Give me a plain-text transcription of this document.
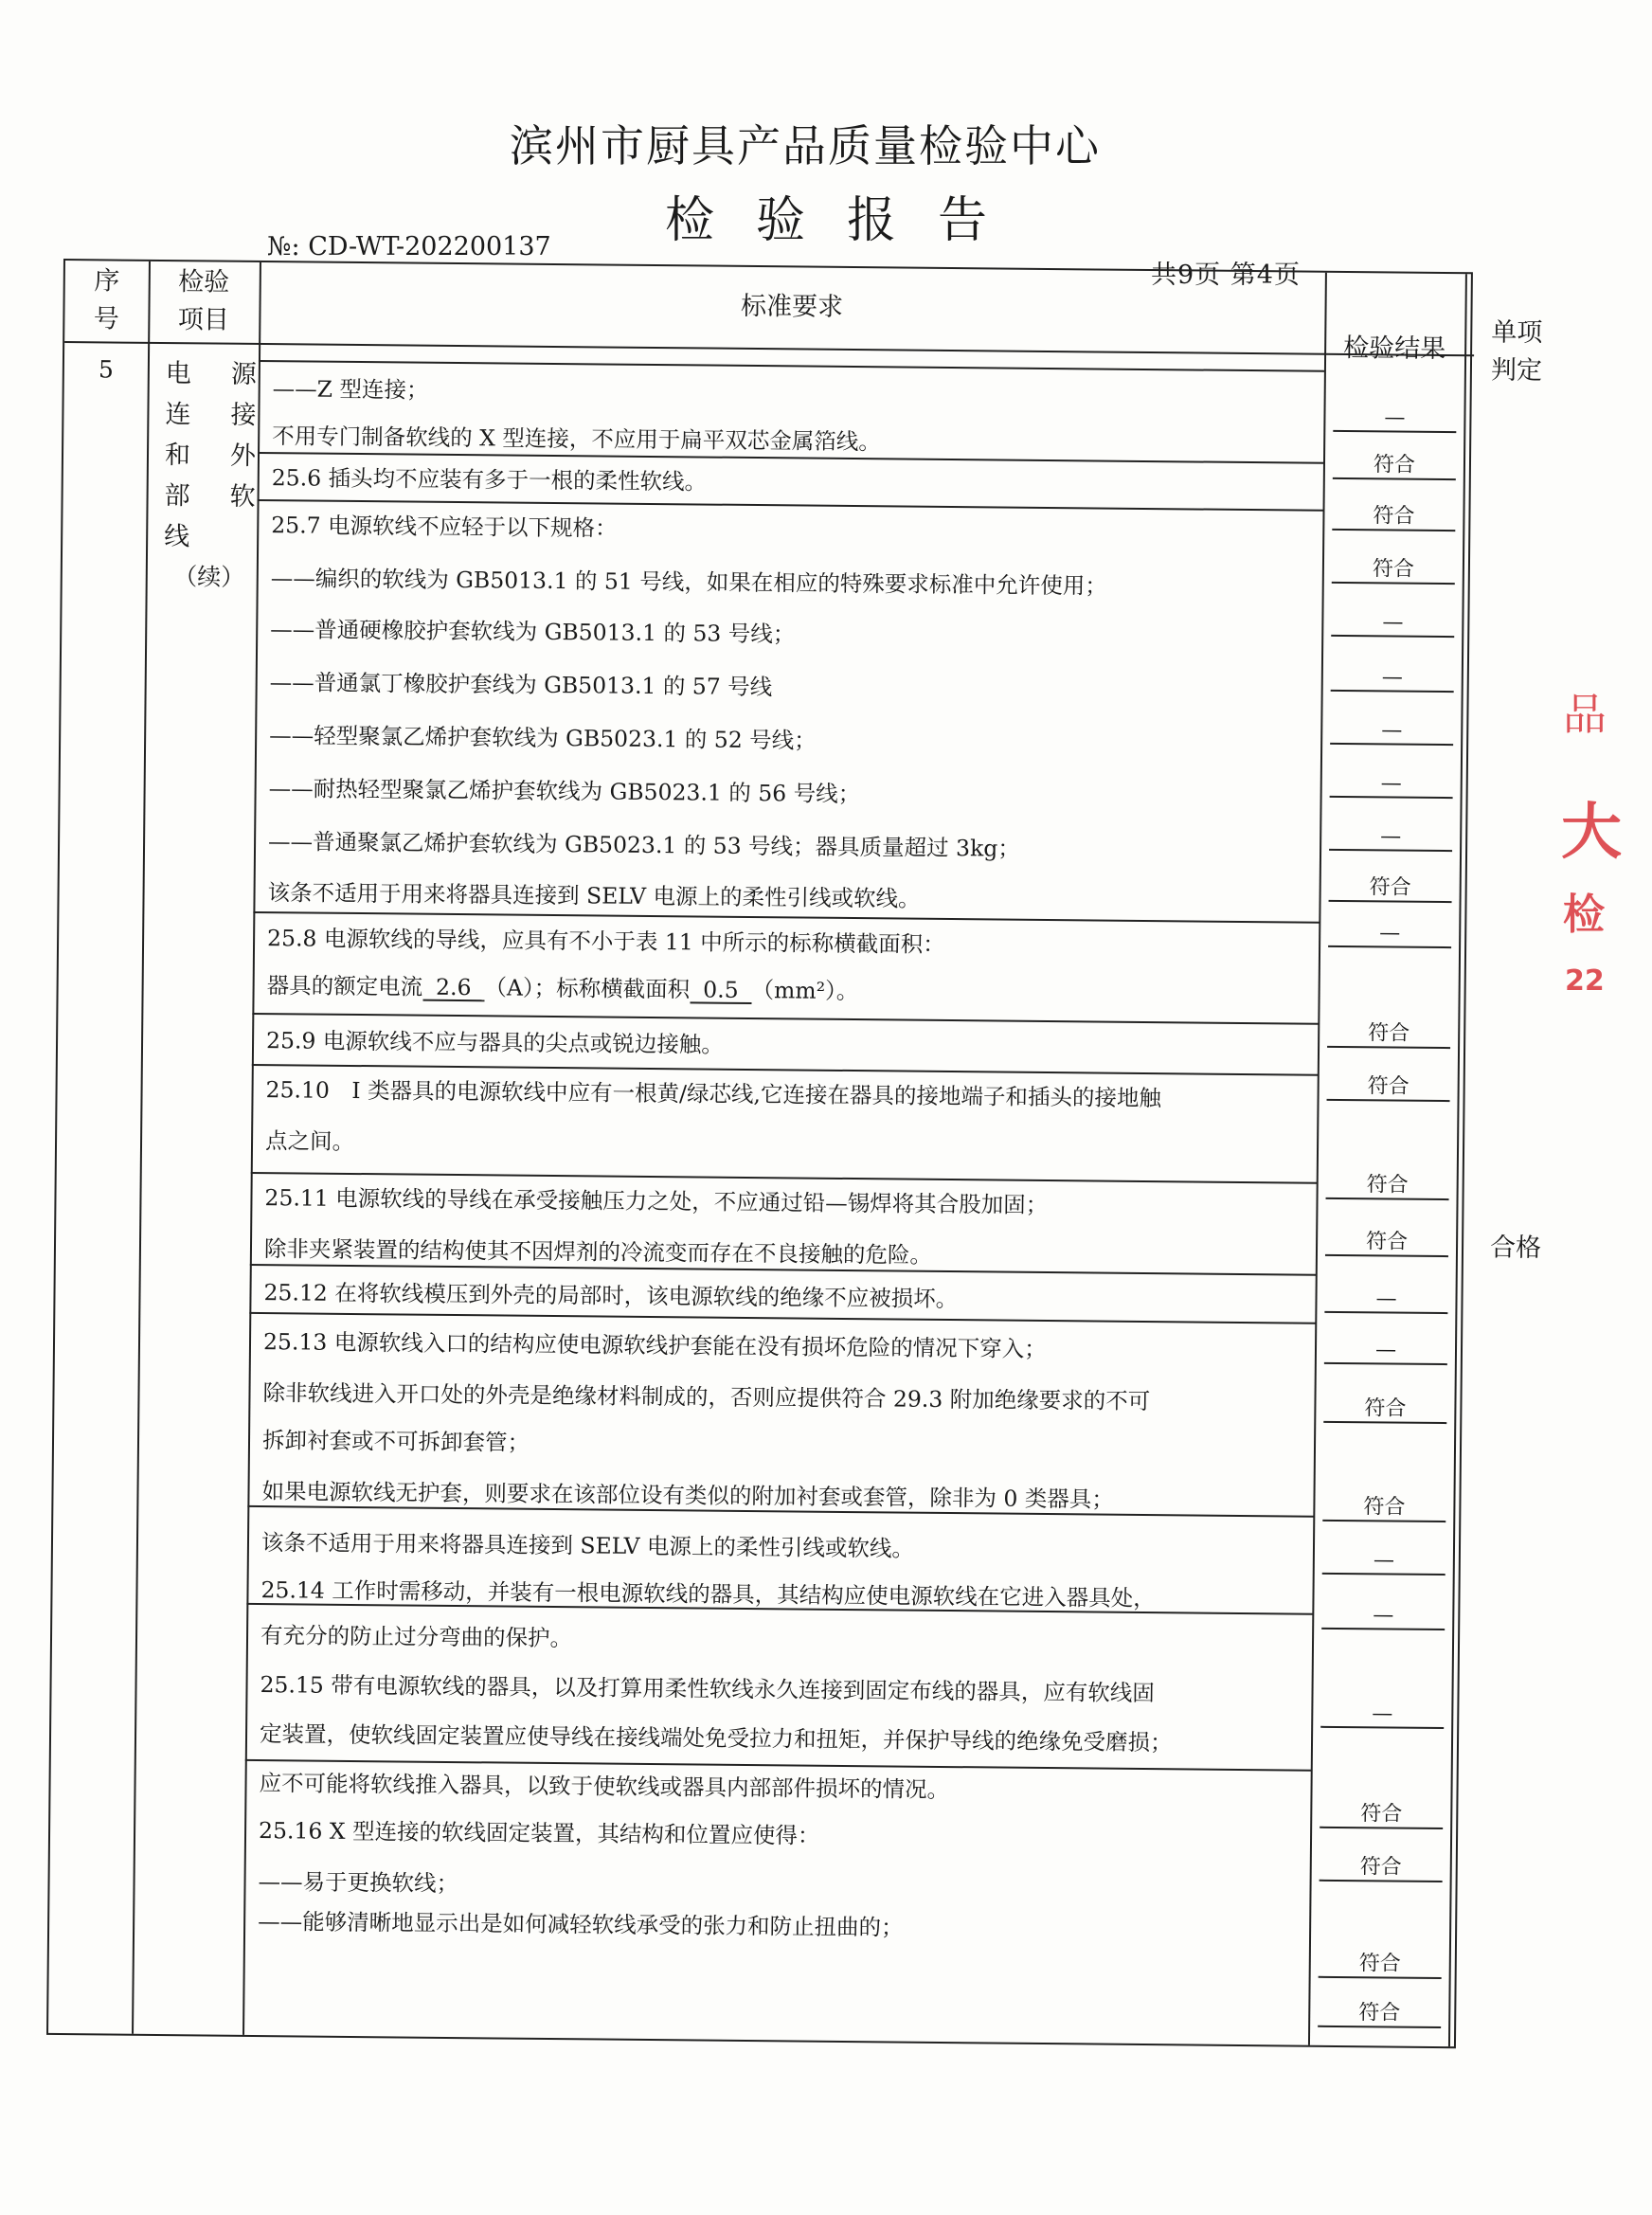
滨州市厨具产品质量检验中心
检验报告
№: CD-WT-202200137
共9页 第4页
序
号
检验
项目	标准要求
检验结果
单项
判定
5	电 源
连 接
和 外
部 软
线
（续）
——Z 型连接；
不用专门制备软线的 X 型连接，不应用于扁平双芯金属箔线。
25.6 插头均不应装有多于一根的柔性软线。
25.7 电源软线不应轻于以下规格：
——编织的软线为 GB5013.1 的 51 号线，如果在相应的特殊要求标准中允许使用；
——普通硬橡胶护套软线为 GB5013.1 的 53 号线；
——普通氯丁橡胶护套线为 GB5013.1 的 57 号线
——轻型聚氯乙烯护套软线为 GB5023.1 的 52 号线；
——耐热轻型聚氯乙烯护套软线为 GB5023.1 的 56 号线；
——普通聚氯乙烯护套软线为 GB5023.1 的 53 号线；器具质量超过 3kg；
该条不适用于用来将器具连接到 SELV 电源上的柔性引线或软线。
25.8 电源软线的导线，应具有不小于表 11 中所示的标称横截面积：
器具的额定电流 2.6 （A）；标称横截面积 0.5 （mm²）。
25.9 电源软线不应与器具的尖点或锐边接触。
25.10　I 类器具的电源软线中应有一根黄/绿芯线,它连接在器具的接地端子和插头的接地触
点之间。
25.11 电源软线的导线在承受接触压力之处，不应通过铅—锡焊将其合股加固；
除非夹紧装置的结构使其不因焊剂的冷流变而存在不良接触的危险。
25.12 在将软线模压到外壳的局部时，该电源软线的绝缘不应被损坏。
25.13 电源软线入口的结构应使电源软线护套能在没有损坏危险的情况下穿入；
除非软线进入开口处的外壳是绝缘材料制成的，否则应提供符合 29.3 附加绝缘要求的不可
拆卸衬套或不可拆卸套管；
如果电源软线无护套，则要求在该部位设有类似的附加衬套或套管，除非为 0 类器具；
该条不适用于用来将器具连接到 SELV 电源上的柔性引线或软线。
25.14 工作时需移动，并装有一根电源软线的器具，其结构应使电源软线在它进入器具处，
有充分的防止过分弯曲的保护。
25.15 带有电源软线的器具，以及打算用柔性软线永久连接到固定布线的器具，应有软线固
定装置，使软线固定装置应使导线在接线端处免受拉力和扭矩，并保护导线的绝缘免受磨损；
应不可能将软线推入器具，以致于使软线或器具内部部件损坏的情况。
25.16 X 型连接的软线固定装置，其结构和位置应使得：
——易于更换软线；
——能够清晰地显示出是如何减轻软线承受的张力和防止扭曲的；
—
符合
符合
符合
—
—
—
—
—
符合
—
符合
符合
符合
符合
—
—
符合
符合
—
—
—
符合
符合
符合
符合
合格
品
大
检
22
